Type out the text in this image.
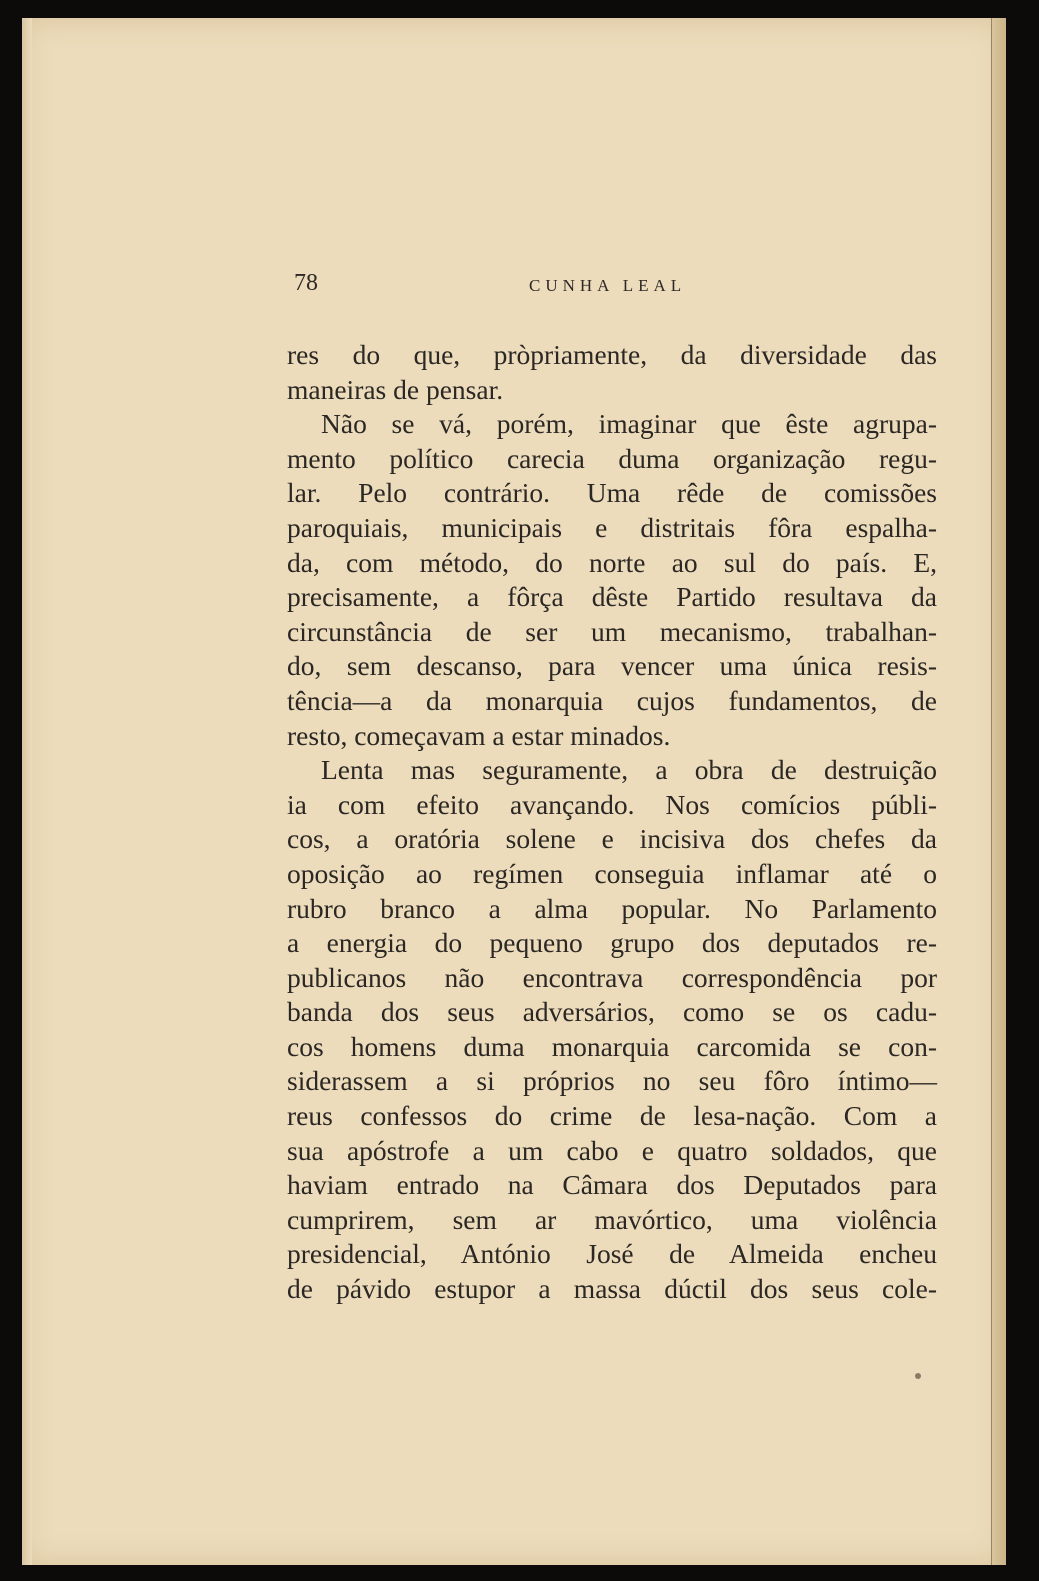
78	CUNHA LEAL
res do que, pròpriamente, da diversidade das
maneiras de pensar.
Não se vá, porém, imaginar que êste agrupa-
mento político carecia duma organização regu-
lar. Pelo contrário. Uma rêde de comissões
paroquiais, municipais e distritais fôra espalha-
da, com método, do norte ao sul do país. E,
precisamente, a fôrça dêste Partido resultava da
circunstância de ser um mecanismo, trabalhan-
do, sem descanso, para vencer uma única resis-
tência—a da monarquia cujos fundamentos, de
resto, começavam a estar minados.
Lenta mas seguramente, a obra de destruição
ia com efeito avançando. Nos comícios públi-
cos, a oratória solene e incisiva dos chefes da
oposição ao regímen conseguia inflamar até o
rubro branco a alma popular. No Parlamento
a energia do pequeno grupo dos deputados re-
publicanos não encontrava correspondência por
banda dos seus adversários, como se os cadu-
cos homens duma monarquia carcomida se con-
siderassem a si próprios no seu fôro íntimo—
reus confessos do crime de lesa-nação. Com a
sua apóstrofe a um cabo e quatro soldados, que
haviam entrado na Câmara dos Deputados para
cumprirem, sem ar mavórtico, uma violência
presidencial, António José de Almeida encheu
de pávido estupor a massa dúctil dos seus cole-
